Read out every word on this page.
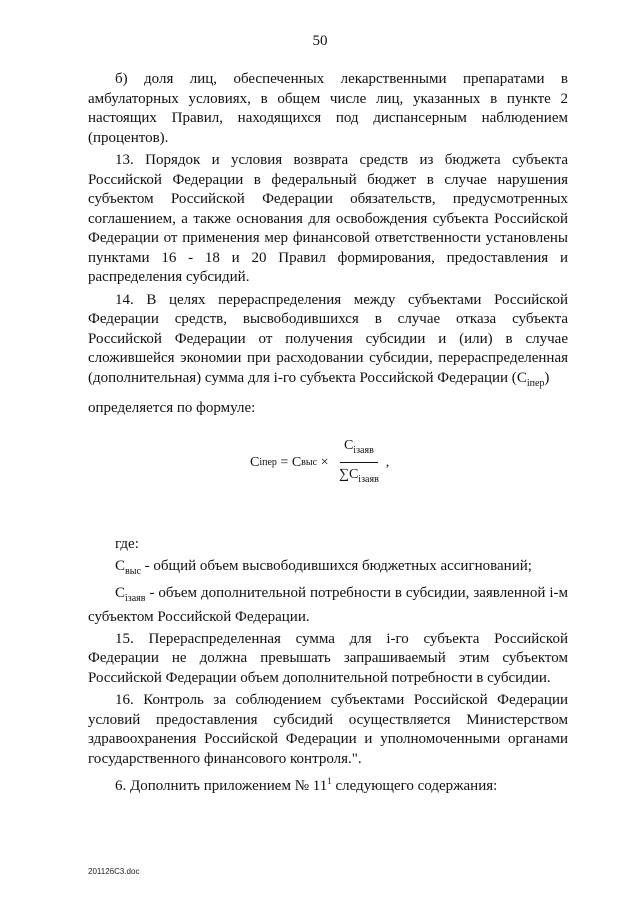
50

б) доля лиц, обеспеченных лекарственными препаратами в амбулаторных условиях, в общем числе лиц, указанных в пункте 2 настоящих Правил, находящихся под диспансерным наблюдением (процентов).

13. Порядок и условия возврата средств из бюджета субъекта Российской Федерации в федеральный бюджет в случае нарушения субъектом Российской Федерации обязательств, предусмотренных соглашением, а также основания для освобождения субъекта Российской Федерации от применения мер финансовой ответственности установлены пунктами 16 - 18 и 20 Правил формирования, предоставления и распределения субсидий.

14. В целях перераспределения между субъектами Российской Федерации средств, высвободившихся в случае отказа субъекта Российской Федерации от получения субсидии и (или) в случае сложившейся экономии при расходовании субсидии, перераспределенная (дополнительная) сумма для i-го субъекта Российской Федерации $(C_{iпер})$

определяется по формуле:

C iпер = C выс × $\frac{C_{iзаяв}}{\sum C_{iзаяв}}$ ,

где:

$C_{выс}$ - общий объем высвободившихся бюджетных ассигнований;

$C_{iзаяв}$ - объем дополнительной потребности в субсидии, заявленной i-м субъектом Российской Федерации.

15. Перераспределенная сумма для i-го субъекта Российской Федерации не должна превышать запрашиваемый этим субъектом Российской Федерации объем дополнительной потребности в субсидии.

16. Контроль за соблюдением субъектами Российской Федерации условий предоставления субсидий осуществляется Министерством здравоохранения Российской Федерации и уполномоченными органами государственного финансового контроля.".

6. Дополнить приложением № $11^1$ следующего содержания:

201126C3.doc
